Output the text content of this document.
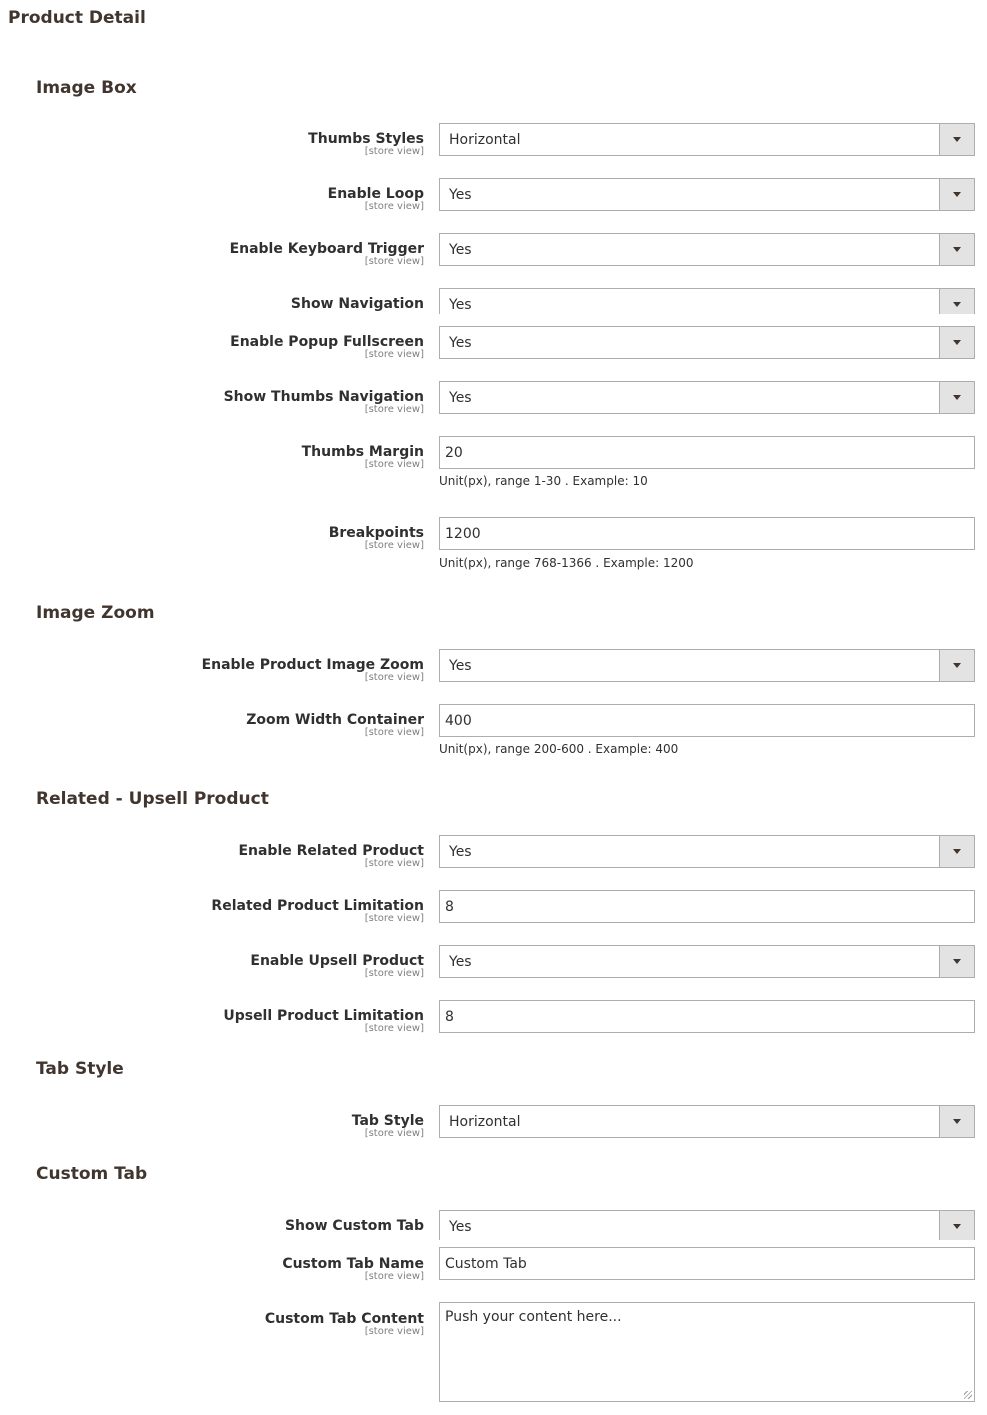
Product Detail
Image Box
Thumbs Styles
[store view]
Horizontal
Enable Loop
[store view]
Yes
Enable Keyboard Trigger
[store view]
Yes
Show Navigation Yes
Enable Popup Fullscreen
[store view]
Yes
Show Thumbs Navigation
[store view]
Yes
Thumbs Margin
[store view]
20
Unit(px), range 1-30 . Example: 10
Breakpoints
[store view]
1200
Unit(px), range 768-1366 . Example: 1200
Image Zoom
Enable Product Image Zoom
[store view]
Yes
Zoom Width Container
[store view]
400
Unit(px), range 200-600 . Example: 400
Related - Upsell Product
Enable Related Product
[store view]
Yes
Related Product Limitation
[store view]
8
Enable Upsell Product
[store view]
Yes
Upsell Product Limitation
[store view]
8
Tab Style
Tab Style
[store view]
Horizontal
Custom Tab
Show Custom Tab Yes
Custom Tab Name
[store view]
Custom Tab
Custom Tab Content
[store view]
Push your content here...
